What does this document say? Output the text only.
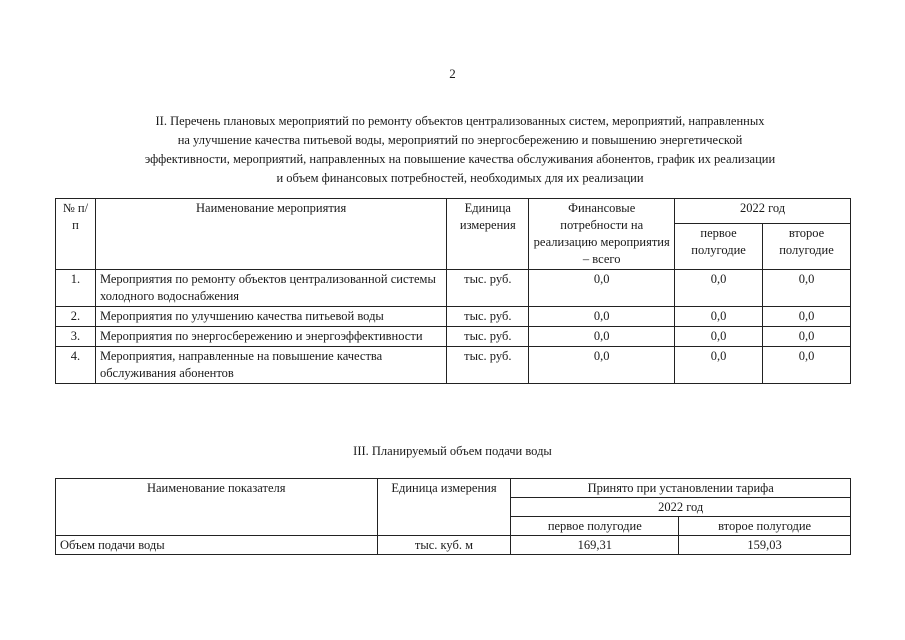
2
II. Перечень плановых мероприятий по ремонту объектов централизованных систем, мероприятий, направленных
на улучшение качества питьевой воды, мероприятий по энергосбережению и повышению энергетической
эффективности, мероприятий, направленных на повышение качества обслуживания абонентов, график их реализации
и объем финансовых потребностей, необходимых для их реализации
№ п/п	Наименование мероприятия	Единица измерения	Финансовые потребности на реализацию мероприятия – всего	2022 год	
				первое полугодие	второе полугодие
1.	Мероприятия по ремонту объектов централизованной системы холодного водоснабжения	тыс. руб.	0,0	0,0	0,0
2.	Мероприятия по улучшению качества питьевой воды	тыс. руб.	0,0	0,0	0,0
3.	Мероприятия по энергосбережению и энергоэффективности	тыс. руб.	0,0	0,0	0,0
4.	Мероприятия, направленные на повышение качества обслуживания абонентов	тыс. руб.	0,0	0,0	0,0
III. Планируемый объем подачи воды
Наименование показателя	Единица измерения	Принято при установлении тарифа	
		2022 год	
		первое полугодие	второе полугодие
Объем подачи воды	тыс. куб. м	169,31	159,03
